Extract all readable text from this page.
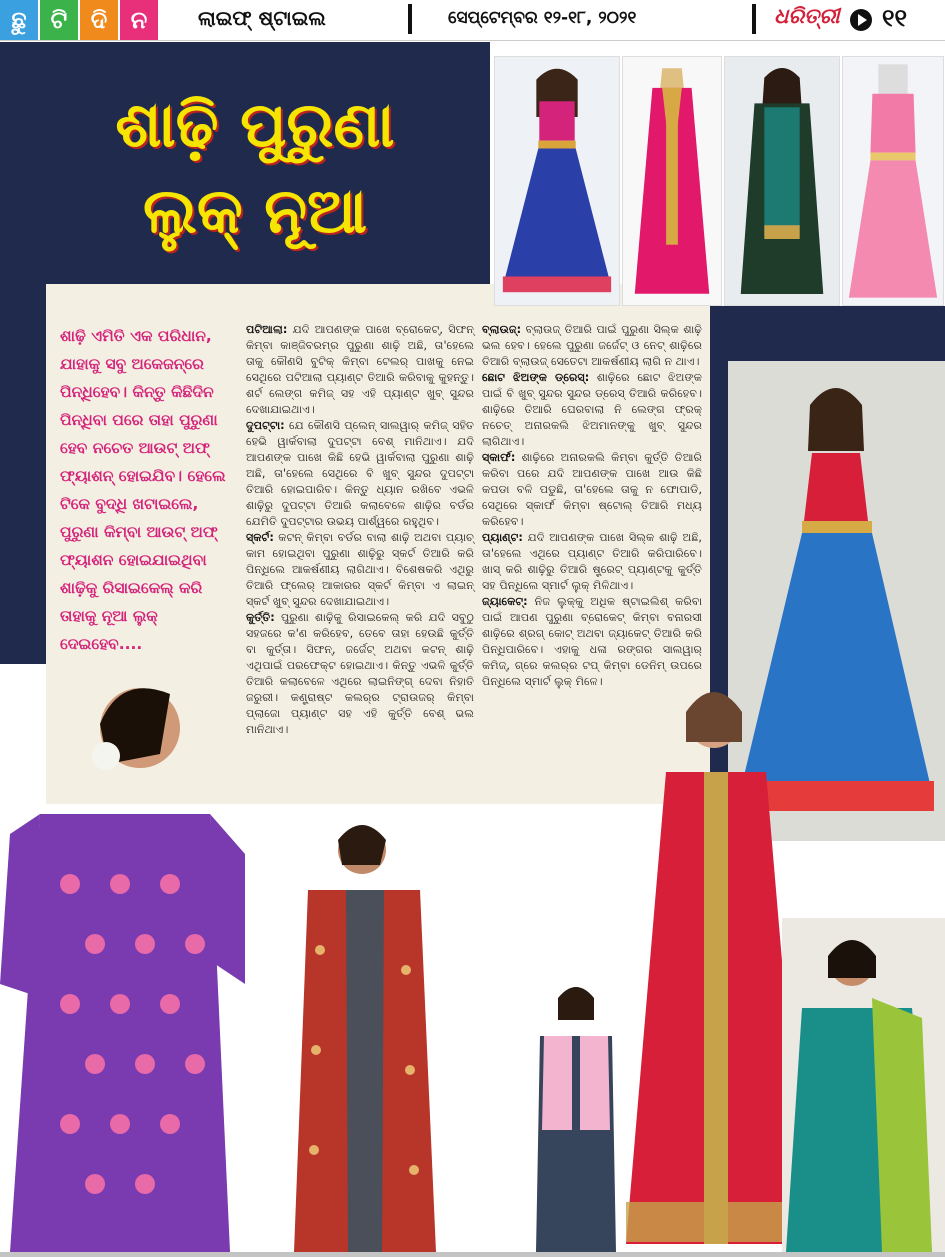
ଛୁ	ଟି ଦି ନ	ଲାଇଫ୍ ଷ୍ଟାଇଲ	ସେପ୍ଟେମ୍ବର ୧୨-୧୮, ୨୦୨୧	ଧରିତ୍ରୀ ୧୧
ଶାଢ଼ି ପୁରୁଣା
ଲୁକ୍ ନୂଆ
ଶାଢ଼ି ଏମିତି ଏକ ପରିଧାନ, ଯାହାକୁ ସବୁ ଅକେଜନ୍‌ରେ ପିନ୍ଧିହେବ। କିନ୍ତୁ କିଛିଦିନ ପିନ୍ଧିବା ପରେ ତାହା ପୁରୁଣା ହେବ ନଚେତ ଆଉଟ୍ ଅଫ୍ ଫ୍ୟାଶନ୍ ହୋଇଯିବ। ହେଲେ ଟିକେ ବୁଦ୍ଧି ଖଟାଇଲେ, ପୁରୁଣା କିମ୍ବା ଆଉଟ୍ ଅଫ୍ ଫ୍ୟାଶନ ହୋଇଯାଇଥିବା ଶାଢ଼ିକୁ ରିସାଇକେଲ୍ କରି ତାହାକୁ ନୂଆ ଲୁକ୍ ଦେଇହେବ....

ପଟିଆଲା: ଯଦି ଆପଣଙ୍କ ପାଖେ ବ୍ରୋକେଟ୍, ସିଫନ୍ କିମ୍ବା କାଞ୍ଜିବରମ୍‌ର ପୁରୁଣା ଶାଢ଼ି ଅଛି, ତା'ହେଲେ ତାକୁ କୌଣସି ବୁଟିକ୍ କିମ୍ବା ଟେଲର୍ ପାଖକୁ ନେଇ ସେଥିରେ ପଟିଆଲା ପ୍ୟାଣ୍ଟ ତିଆରି କରିବାକୁ କୁହନ୍ତୁ। ଶର୍ଟ ଲେଙ୍ଗ କମିଜ୍ ସହ ଏହି ପ୍ୟାଣ୍ଟ ଖୁବ୍ ସୁନ୍ଦର ଦେଖାଯାଇଥାଏ।

ଦୁପଟ୍ଟା: ଯେ କୌଣସି ପ୍ଲେନ୍ ସାଲୱାର୍ କମିଜ୍ ସହିତ ହେଭି ୱାର୍କବାଲା ଦୁପଟ୍ଟା ବେଶ୍ ମାନିଥାଏ। ଯଦି ଆପଣଙ୍କ ପାଖେ କିଛି ହେଭି ୱାର୍କବାଲା ପୁରୁଣା ଶାଢ଼ି ଅଛି, ତା'ହେଲେ ସେଥିରେ ବି ଖୁବ୍ ସୁନ୍ଦର ଦୁପଟ୍ଟା ତିଆରି ହୋଇପାରିବ। କିନ୍ତୁ ଧ୍ୟାନ ରଖିବେ ଏଭଳି ଶାଢ଼ିରୁ ଦୁପଟ୍ଟା ତିଆରି କଲାବେଳେ ଶାଢ଼ିର ବର୍ଡର ଯେମିତି ଦୁପଟ୍ଟାର ଉଭୟ ପାର୍ଶ୍ୱରେ ରହୁଥିବ।

ସ୍କର୍ଟ: କଟନ୍ କିମ୍ବା ବର୍ଡର ବାଲା ଶାଢ଼ି ଅଥବା ପ୍ୟାଚ୍ କାମ ହୋଇଥିବା ପୁରୁଣା ଶାଢ଼ିରୁ ସ୍କର୍ଟ ତିଆରି କରି ପିନ୍ଧିଲେ ଆକର୍ଷଣୀୟ ଲାଗିଥାଏ। ବିଶେଷକରି ଏଥିରୁ ତିଆରି ଫ୍ଲେର୍ ଆକାରର ସ୍କର୍ଟ କିମ୍ବା ଏ ଲାଇନ୍ ସ୍କର୍ଟ ଖୁବ୍ ସୁନ୍ଦର ଦେଖାଯାଇଥାଏ।

କୁର୍ତ୍ତି: ପୁରୁଣା ଶାଢ଼ିକୁ ରିସାଇକେଲ୍ କରି ଯଦି ସବୁଠୁ ସହଜରେ କ'ଣ କରିହେବ, ତେବେ ତାହା ହେଉଛି କୁର୍ତ୍ତି ବା କୁର୍ତ୍ତା। ସିଫନ୍, ଜର୍ଜେଟ୍ ଅଥବା କଟନ୍ ଶାଢ଼ି ଏଥିପାଇଁ ପରଫେକ୍ଟ ହୋଇଥାଏ। କିନ୍ତୁ ଏଭଳି କୁର୍ତ୍ତି ତିଆରି କଲାବେଳେ ଏଥିରେ ଲାଇନିଙ୍ଗ୍ ଦେବା ନିହାତି ଜରୁରୀ। କଣ୍ଟ୍ରାଷ୍ଟ କଲର୍‌ର ଟ୍ରାଉଜର୍ କିମ୍ବା ପ୍ଲାଜୋ ପ୍ୟାଣ୍ଟ ସହ ଏହି କୁର୍ତ୍ତି ବେଶ୍ ଭଲ ମାନିଥାଏ।

ବ୍ଲାଉଜ୍: ବ୍ଲାଉଜ୍ ତିଆରି ପାଇଁ ପୁରୁଣା ସିଲ୍କ ଶାଢ଼ି ଭଲ ହେବ। ହେଲେ ପୁରୁଣା ଜର୍ଜେଟ୍ ଓ ନେଟ୍ ଶାଢ଼ିରେ ତିଆରି ବ୍ଲାଉଜ୍ ସେତେଟା ଆକର୍ଷଣୀୟ ଲାଗି ନ ଥାଏ।

ଛୋଟ ଝିଅଙ୍କ ଡ୍ରେସ୍: ଶାଢ଼ିରେ ଛୋଟ ଝିଅଙ୍କ ପାଇଁ ବି ଖୁବ୍ ସୁନ୍ଦର ସୁନ୍ଦର ଡ୍ରେସ୍ ତିଆରି କରିହେବ। ଶାଢ଼ିରେ ତିଆରି ଘେରବାଲା ନି ଲେଙ୍ଗ ଫ୍ରକ୍ ନଚେତ୍ ଅନାରକଲି ଝିଅମାନଙ୍କୁ ଖୁବ୍ ସୁନ୍ଦର ଲାଗିଥାଏ।

ସ୍କାର୍ଫ: ଶାଢ଼ିରେ ଅନାରକଲି କିମ୍ବା କୁର୍ତ୍ତି ତିଆରି କରିବା ପରେ ଯଦି ଆପଣଙ୍କ ପାଖେ ଆଉ କିଛି କପଡା ବଳି ପଡୁଛି, ତା'ହେଲେ ତାକୁ ନ ଫୋପାଡି, ସେଥିରେ ସ୍କାର୍ଫ କିମ୍ବା ଷ୍ଟୋଲ୍ ତିଆରି ମଧ୍ୟ କରିହେବ।

ପ୍ୟାଣ୍ଟ: ଯଦି ଆପଣଙ୍କ ପାଖେ ସିଲ୍କ ଶାଢ଼ି ଅଛି, ତା'ହେଲେ ଏଥିରେ ପ୍ୟାଣ୍ଟ ତିଆରି କରିପାରିବେ। ଖାସ୍ କରି ଶାଢ଼ିରୁ ତିଆରି ଷ୍ଟ୍ରେଟ୍ ପ୍ୟାଣ୍ଟକୁ କୁର୍ତ୍ତି ସହ ପିନ୍ଧିଲେ ସ୍ମାର୍ଟ ଲୁକ୍ ମିଳିଥାଏ।

ଜ୍ୟାକେଟ୍: ନିଜ ଲୁକ୍‌କୁ ଅଧିକ ଷ୍ଟାଇଲିଶ୍ କରିବା ପାଇଁ ଆପଣ ପୁରୁଣା ବ୍ରୋକେଟ୍ କିମ୍ବା ବନାରସୀ ଶାଢ଼ିରେ ଶ୍ରଗ୍ କୋଟ୍ ଅଥବା ଜ୍ୟାକେଟ୍ ତିଆରି କରି ପିନ୍ଧିପାରିବେ। ଏହାକୁ ଧଳା ରଙ୍ଗର ସାଲୱାର୍ କମିଜ୍, ଗ୍ରେ କଲର୍‌ର ଟପ୍ କିମ୍ବା ଡେନିମ୍ ଉପରେ ପିନ୍ଧିଲେ ସ୍ମାର୍ଟ ଲୁକ୍ ମିଳେ।
